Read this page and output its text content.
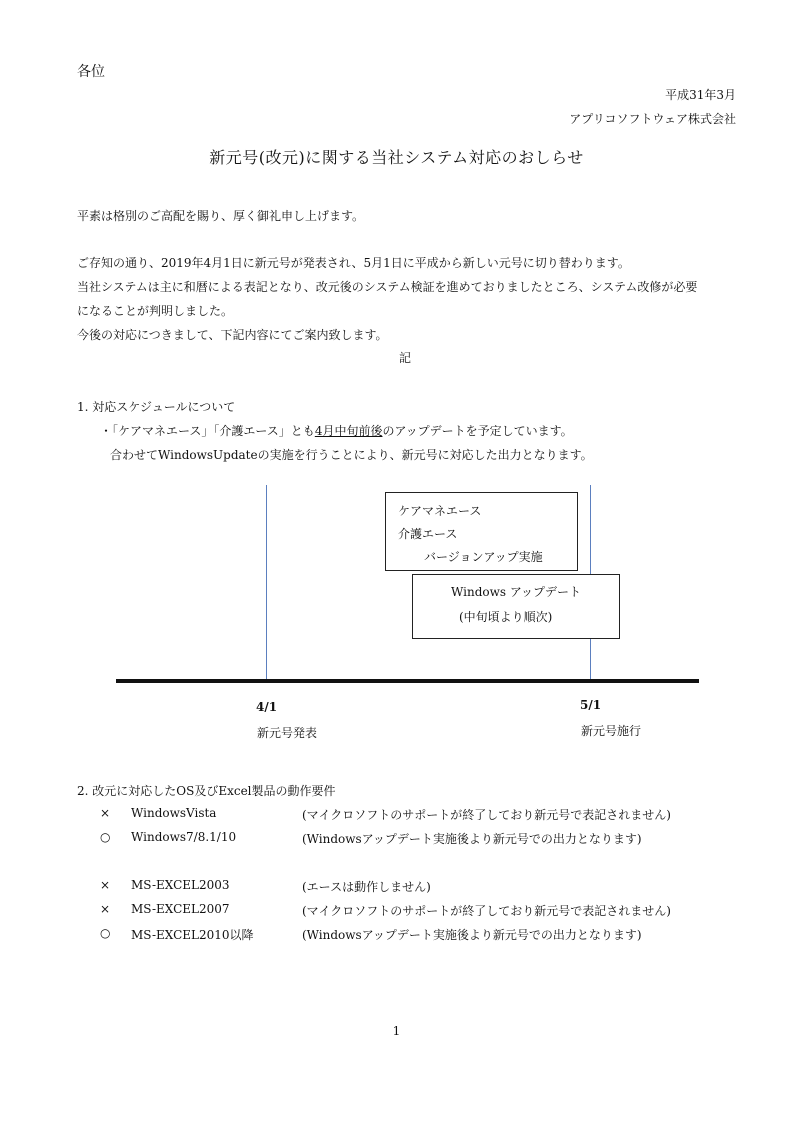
各位
平成31年3月
アプリコソフトウェア株式会社
新元号(改元)に関する当社システム対応のおしらせ
平素は格別のご高配を賜り、厚く御礼申し上げます。
ご存知の通り、2019年4月1日に新元号が発表され、5月1日に平成から新しい元号に切り替わります。
当社システムは主に和暦による表記となり、改元後のシステム検証を進めておりましたところ、システム改修が必要
になることが判明しました。
今後の対応につきまして、下記内容にてご案内致します。
記
1. 対応スケジュールについて
・「ケアマネエース」「介護エース」とも4月中旬前後のアップデートを予定しています。
合わせてWindowsUpdateの実施を行うことにより、新元号に対応した出力となります。
ケアマネエース
介護エース
バージョンアップ実施
Windows アップデート
(中旬頃より順次)
4/1
新元号発表
5/1
新元号施行
2. 改元に対応したOS及びExcel製品の動作要件
× WindowsVista	(マイクロソフトのサポートが終了しており新元号で表記されません)
○ Windows7/8.1/10	(Windowsアップデート実施後より新元号での出力となります)
× MS-EXCEL2003	(エースは動作しません)
× MS-EXCEL2007	(マイクロソフトのサポートが終了しており新元号で表記されません)
○ MS-EXCEL2010以降	(Windowsアップデート実施後より新元号での出力となります)
1
